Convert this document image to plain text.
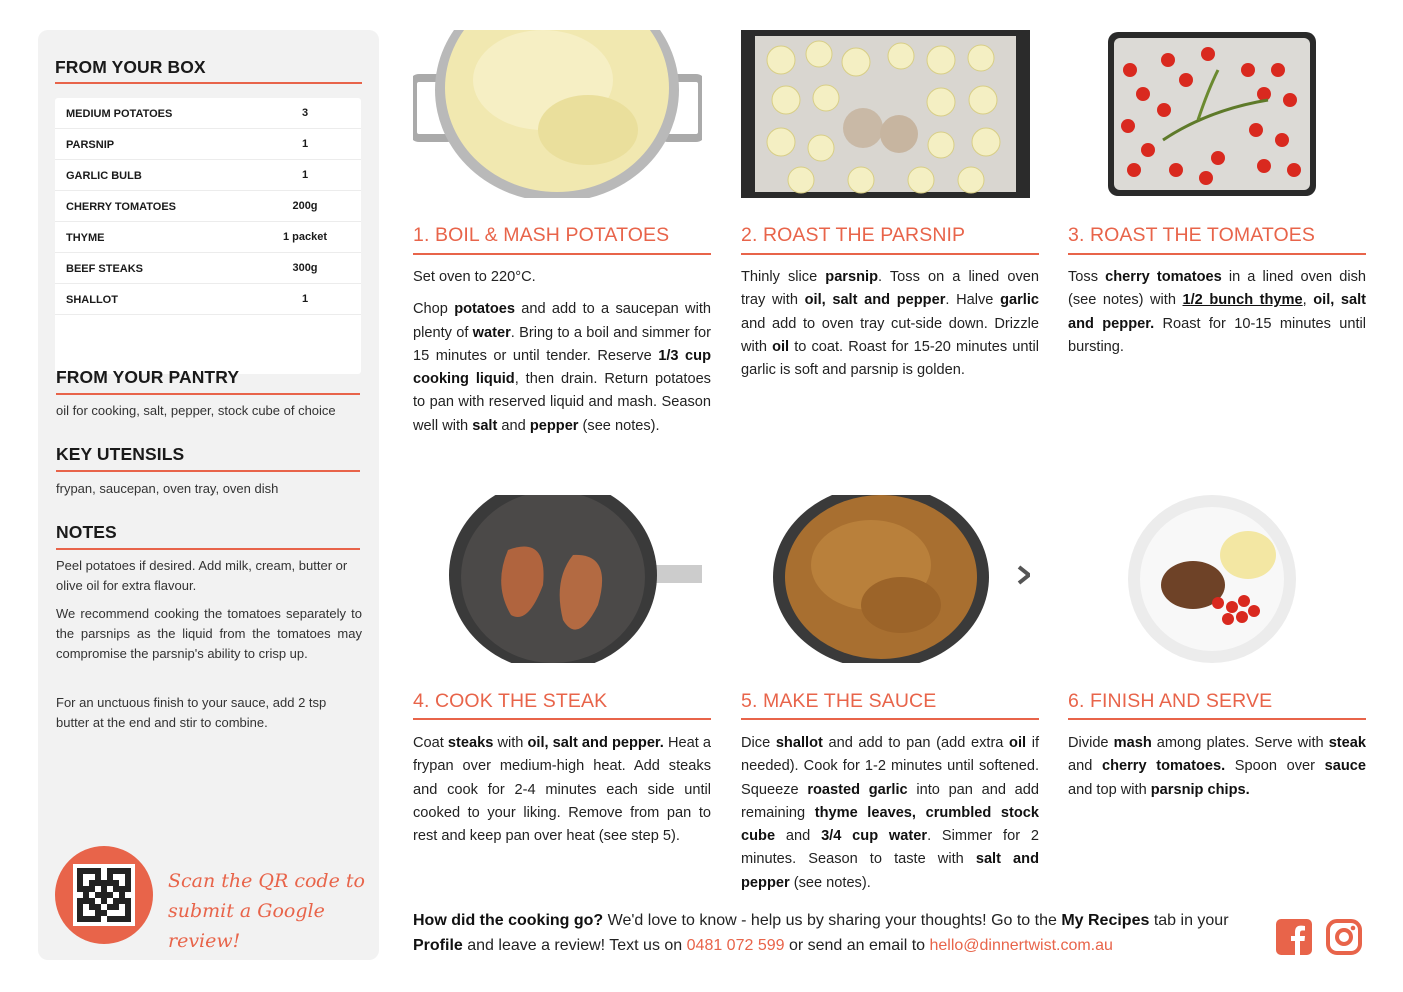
FROM YOUR BOX
MEDIUM POTATOES	3
PARSNIP	1
GARLIC BULB	1
CHERRY TOMATOES	200g
THYME	1 packet
BEEF STEAKS	300g
SHALLOT	1
FROM YOUR PANTRY
oil for cooking, salt, pepper, stock cube of choice
KEY UTENSILS
frypan, saucepan, oven tray, oven dish
NOTES
Peel potatoes if desired. Add milk, cream, butter or olive oil for extra flavour.
We recommend cooking the tomatoes separately to the parsnips as the liquid from the tomatoes may compromise the parsnip's ability to crisp up.
For an unctuous finish to your sauce, add 2 tsp butter at the end and stir to combine.
Scan the QR code to
submit a Google review!
1. BOIL & MASH POTATOES

Set oven to 220°C.

Chop potatoes and add to a saucepan with plenty of water. Bring to a boil and simmer for 15 minutes or until tender. Reserve 1/3 cup cooking liquid, then drain. Return potatoes to pan with reserved liquid and mash. Season well with salt and pepper (see notes).

2. ROAST THE PARSNIP

Thinly slice parsnip. Toss on a lined oven tray with oil, salt and pepper. Halve garlic and add to oven tray cut-side down. Drizzle with oil to coat. Roast for 15-20 minutes until garlic is soft and parsnip is golden.

3. ROAST THE TOMATOES

Toss cherry tomatoes in a lined oven dish (see notes) with 1/2 bunch thyme, oil, salt and pepper. Roast for 10-15 minutes until bursting.

4. COOK THE STEAK

Coat steaks with oil, salt and pepper. Heat a frypan over medium-high heat. Add steaks and cook for 2-4 minutes each side until cooked to your liking. Remove from pan to rest and keep pan over heat (see step 5).

5. MAKE THE SAUCE

Dice shallot and add to pan (add extra oil if needed). Cook for 1-2 minutes until softened. Squeeze roasted garlic into pan and add remaining thyme leaves, crumbled stock cube and 3/4 cup water. Simmer for 2 minutes. Season to taste with salt and pepper (see notes).

6. FINISH AND SERVE

Divide mash among plates. Serve with steak and cherry tomatoes. Spoon over sauce and top with parsnip chips.

How did the cooking go? We'd love to know - help us by sharing your thoughts! Go to the My Recipes tab in your Profile and leave a review! Text us on 0481 072 599 or send an email to hello@dinnertwist.com.au
